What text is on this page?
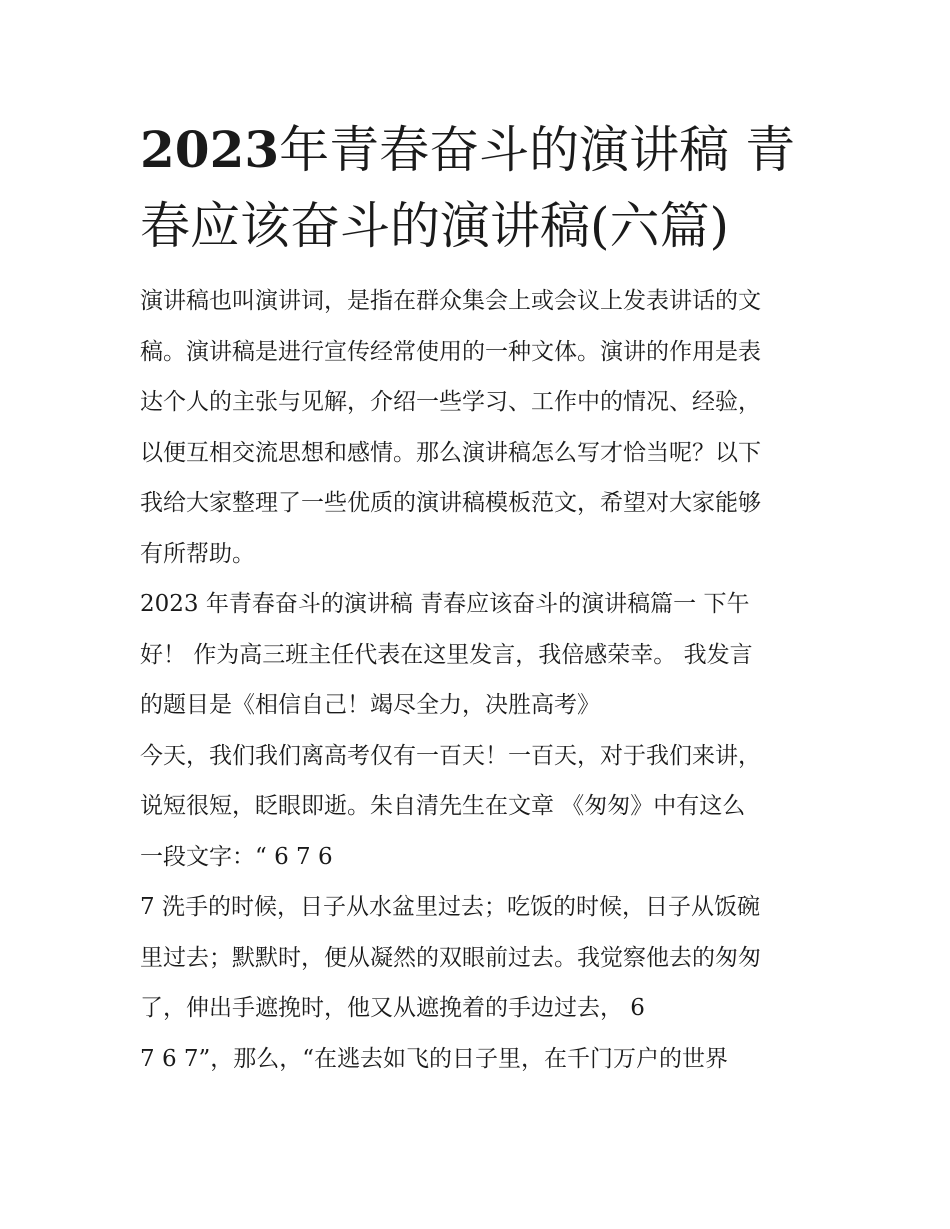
2023年青春奋斗的演讲稿 青
春应该奋斗的演讲稿(六篇)

演讲稿也叫演讲词，是指在群众集会上或会议上发表讲话的文
稿。演讲稿是进行宣传经常使用的一种文体。演讲的作用是表
达个人的主张与见解，介绍一些学习、工作中的情况、经验，
以便互相交流思想和感情。那么演讲稿怎么写才恰当呢？以下
我给大家整理了一些优质的演讲稿模板范文，希望对大家能够
有所帮助。

2023 年青春奋斗的演讲稿 青春应该奋斗的演讲稿篇一 下午
好！ 作为高三班主任代表在这里发言，我倍感荣幸。 我发言
的题目是《相信自己！竭尽全力，决胜高考》

今天，我们我们离高考仅有一百天！一百天，对于我们来讲，
说短很短，眨眼即逝。朱自清先生在文章 《匆匆》中有这么
一段文字：“ 6 7 6

7 洗手的时候，日子从水盆里过去；吃饭的时候，日子从饭碗
里过去；默默时，便从凝然的双眼前过去。我觉察他去的匆匆
了，伸出手遮挽时，他又从遮挽着的手边过去， 6

7 6 7”，那么，“在逃去如飞的日子里，在千门万户的世界
